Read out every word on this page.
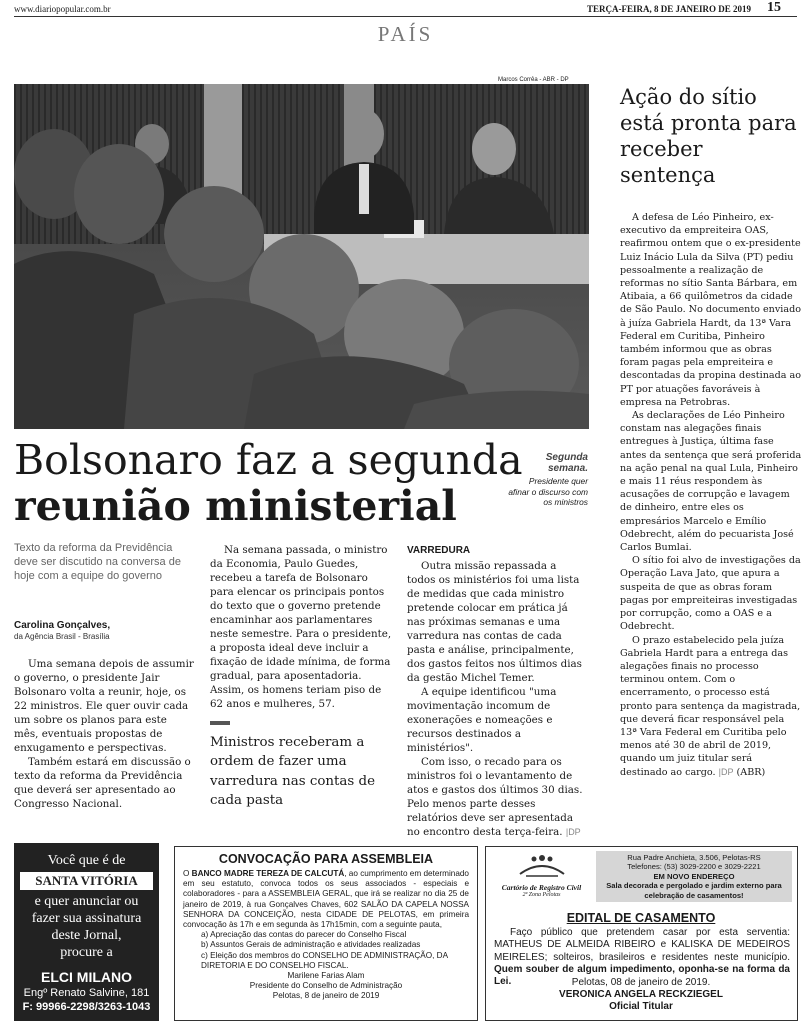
www.diariopopular.com.br	TERÇA-FEIRA, 8 DE JANEIRO DE 2019 15
PAÍS
Marcos Corrêa - ABR - DP
Bolsonaro faz a segunda
reunião ministerial
Segunda semana.
Presidente quer afinar o discurso com os ministros
Texto da reforma da Previdência deve ser discutido na conversa de hoje com a equipe do governo
Carolina Gonçalves,
da Agência Brasil - Brasília

Uma semana depois de assumir o governo, o presidente Jair Bolsonaro volta a reunir, hoje, os 22 ministros. Ele quer ouvir cada um sobre os planos para este mês, eventuais propostas de enxugamento e perspectivas.

Também estará em discussão o texto da reforma da Previdência que deverá ser apresentado ao Congresso Nacional.

Na semana passada, o ministro da Economia, Paulo Guedes, recebeu a tarefa de Bolsonaro para elencar os principais pontos do texto que o governo pretende encaminhar aos parlamentares neste semestre. Para o presidente, a proposta ideal deve incluir a fixação de idade mínima, de forma gradual, para aposentadoria. Assim, os homens teriam piso de 62 anos e mulheres, 57.

Ministros receberam a ordem de fazer uma varredura nas contas de cada pasta
VARREDURA

Outra missão repassada a todos os ministérios foi uma lista de medidas que cada ministro pretende colocar em prática já nas próximas semanas e uma varredura nas contas de cada pasta e análise, principalmente, dos gastos feitos nos últimos dias da gestão Michel Temer.

A equipe identificou "uma movimentação incomum de exonerações e nomeações e recursos destinados a ministérios".

Com isso, o recado para os ministros foi o levantamento de atos e gastos dos últimos 30 dias. Pelo menos parte desses relatórios deve ser apresentada no encontro desta terça-feira. |DP

Ação do sítio está pronta para receber sentença

A defesa de Léo Pinheiro, ex-executivo da empreiteira OAS, reafirmou ontem que o ex-presidente Luiz Inácio Lula da Silva (PT) pediu pessoalmente a realização de reformas no sítio Santa Bárbara, em Atibaia, a 66 quilômetros da cidade de São Paulo. No documento enviado à juíza Gabriela Hardt, da 13ª Vara Federal em Curitiba, Pinheiro também informou que as obras foram pagas pela empreiteira e descontadas da propina destinada ao PT por atuações favoráveis à empresa na Petrobras.

As declarações de Léo Pinheiro constam nas alegações finais entregues à Justiça, última fase antes da sentença que será proferida na ação penal na qual Lula, Pinheiro e mais 11 réus respondem às acusações de corrupção e lavagem de dinheiro, entre eles os empresários Marcelo e Emílio Odebrecht, além do pecuarista José Carlos Bumlai.

O sítio foi alvo de investigações da Operação Lava Jato, que apura a suspeita de que as obras foram pagas por empreiteiras investigadas por corrupção, como a OAS e a Odebrecht.

O prazo estabelecido pela juíza Gabriela Hardt para a entrega das alegações finais no processo terminou ontem. Com o encerramento, o processo está pronto para sentença da magistrada, que deverá ficar responsável pela 13ª Vara Federal em Curitiba pelo menos até 30 de abril de 2019, quando um juiz titular será destinado ao cargo. |DP (ABR)

Você que é de
SANTA VITÓRIA
e quer anunciar ou fazer sua assinatura deste Jornal,
procure a
ELCI MILANO
Engº Renato Salvine, 181
F: 99966-2298/3263-1043
CONVOCAÇÃO PARA ASSEMBLEIA
O BANCO MADRE TEREZA DE CALCUTÁ, ao cumprimento em determinado em seu estatuto, convoca todos os seus associados - especiais e colaboradores - para a ASSEMBLEIA GERAL, que irá se realizar no dia 25 de janeiro de 2019, à rua Gonçalves Chaves, 602 SALÃO DA CAPELA NOSSA SENHORA DA CONCEIÇÃO, nesta CIDADE DE PELOTAS, em primeira convocação às 17h e em segunda às 17h15min, com a seguinte pauta,
a) Apreciação das contas do parecer do Conselho Fiscal
b) Assuntos Gerais de administração e atividades realizadas
c) Eleição dos membros do CONSELHO DE ADMINISTRAÇÃO, DA DIRETORIA E DO CONSELHO FISCAL.
Marilene Farias Alam
Presidente do Conselho de Administração
Pelotas, 8 de janeiro de 2019
Cartório de Registro Civil
2ª Zona Pelotas
Rua Padre Anchieta, 3.506, Pelotas-RS
Telefones: (53) 3029-2200 e 3029-2221
EM NOVO ENDEREÇO
Sala decorada e pergolado e jardim externo para celebração de casamentos!
EDITAL DE CASAMENTO
Faço público que pretendem casar por esta serventia: MATHEUS DE ALMEIDA RIBEIRO e KALISKA DE MEDEIROS MEIRELES; solteiros, brasileiros e residentes neste município. Quem souber de algum impedimento, oponha-se na forma da Lei.	Pelotas, 08 de janeiro de 2019.
VERONICA ANGELA RECKZIEGEL
Oficial Titular
